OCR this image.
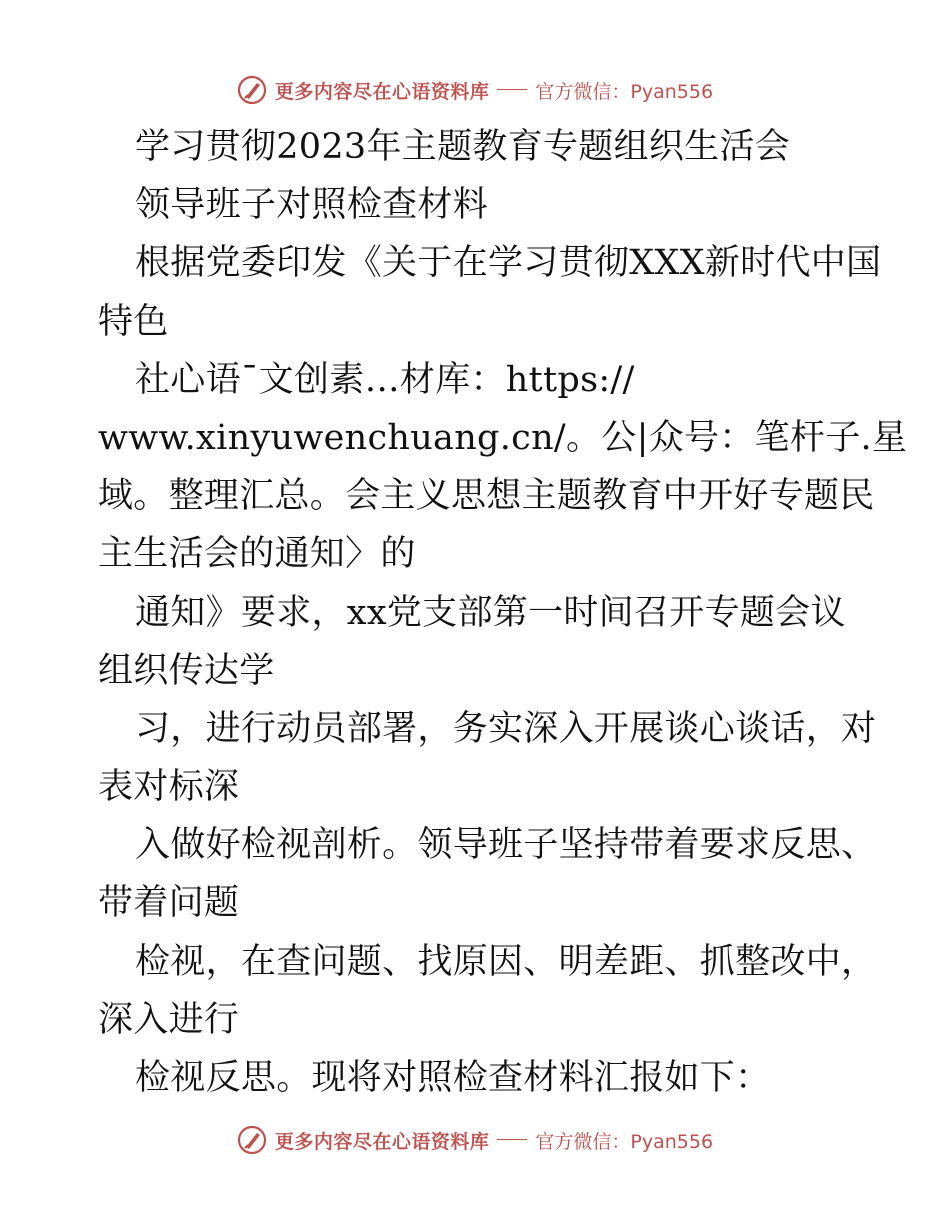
更多内容尽在心语资料库 官方微信：Pyan556
学习贯彻2023年主题教育专题组织生活会
领导班子对照检查材料
根据党委印发《关于在学习贯彻XXX新时代中国
特色
社心语¯文创素…材库：https://
www.xinyuwenchuang.cn/。公|众号：笔杆子.星
域。整理汇总。会主义思想主题教育中开好专题民
主生活会的通知〉的
通知》要求，xx党支部第一时间召开专题会议
组织传达学
习，进行动员部署，务实深入开展谈心谈话，对
表对标深
入做好检视剖析。领导班子坚持带着要求反思、
带着问题
检视，在查问题、找原因、明差距、抓整改中，
深入进行
检视反思。现将对照检查材料汇报如下：
更多内容尽在心语资料库 官方微信：Pyan556
